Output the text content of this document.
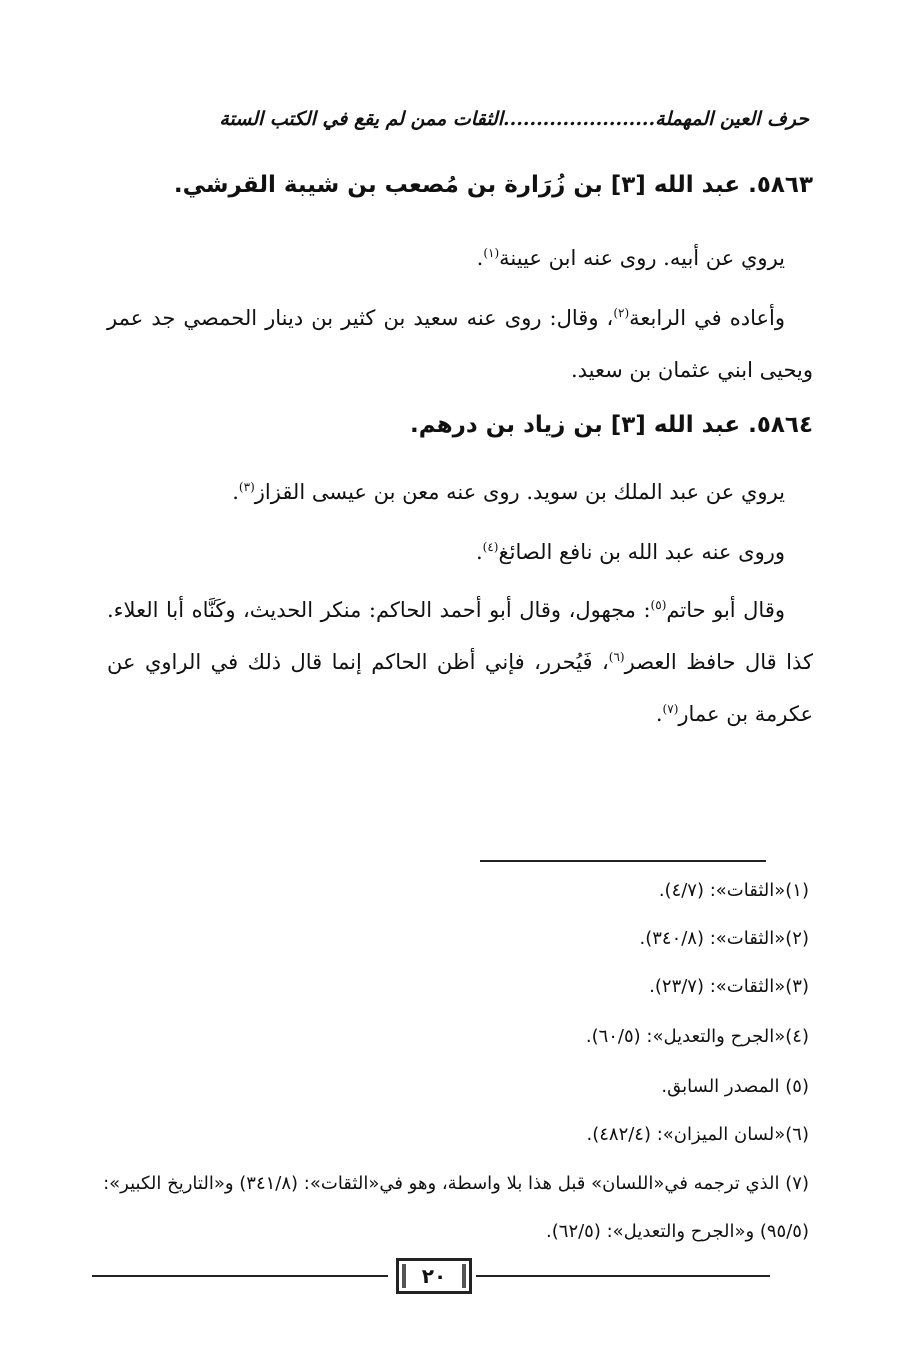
حرف العين المهملة.......................الثقات ممن لم يقع في الكتب الستة
٥٨٦٣. عبد الله [٣] بن زُرَارة بن مُصعب بن شيبة القرشي.
يروي عن أبيه. روى عنه ابن عيينة$^{(١)}$.
وأعاده في الرابعة$^{(٢)}$، وقال: روى عنه سعيد بن كثير بن دينار الحمصي جد عمر ويحيى ابني عثمان بن سعيد.
٥٨٦٤. عبد الله [٣] بن زياد بن درهم.
يروي عن عبد الملك بن سويد. روى عنه معن بن عيسى القزاز$^{(٣)}$.
وروى عنه عبد الله بن نافع الصائغ$^{(٤)}$.
وقال أبو حاتم$^{(٥)}$: مجهول، وقال أبو أحمد الحاكم: منكر الحديث، وكَنَّاه أبا العلاء. كذا قال حافظ العصر$^{(٦)}$، فَيُحرر، فإني أظن الحاكم إنما قال ذلك في الراوي عن عكرمة بن عمار$^{(٧)}$.
(١)«الثقات»: (٤/٧).
(٢)«الثقات»: (٣٤٠/٨).
(٣)«الثقات»: (٢٣/٧).
(٤)«الجرح والتعديل»: (٦٠/٥).
(٥) المصدر السابق.
(٦)«لسان الميزان»: (٤٨٢/٤).
(٧) الذي ترجمه في«اللسان» قبل هذا بلا واسطة، وهو في«الثقات»: (٣٤١/٨) و«التاريخ الكبير»: (٩٥/٥) و«الجرح والتعديل»: (٦٢/٥).
٢٠
